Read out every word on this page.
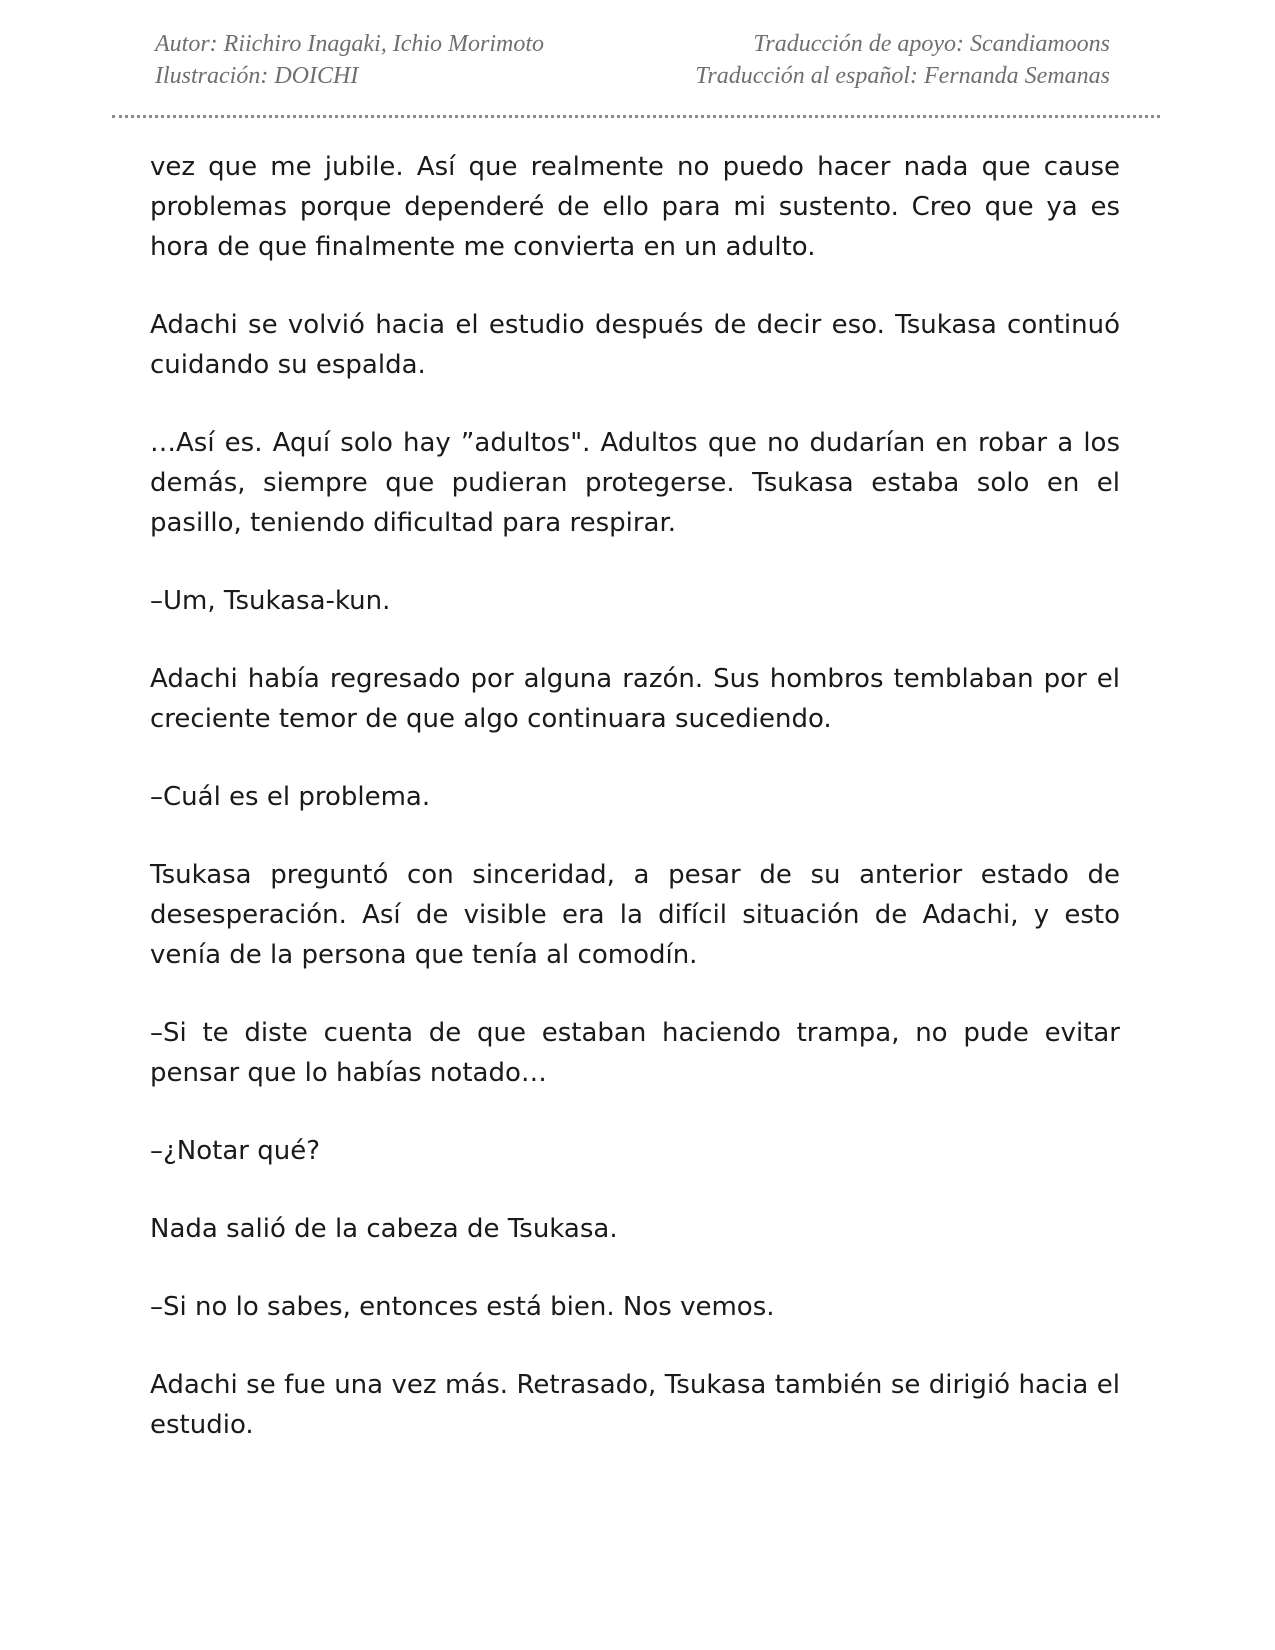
Autor: Riichiro Inagaki, Ichio Morimoto	Traducción de apoyo: Scandiamoons
Ilustración: DOICHI	Traducción al español: Fernanda Semanas

vez que me jubile. Así que realmente no puedo hacer nada que cause problemas porque dependeré de ello para mi sustento. Creo que ya es hora de que finalmente me convierta en un adulto.

Adachi se volvió hacia el estudio después de decir eso. Tsukasa continuó cuidando su espalda.

…Así es. Aquí solo hay ”adultos". Adultos que no dudarían en robar a los demás, siempre que pudieran protegerse. Tsukasa estaba solo en el pasillo, teniendo dificultad para respirar.

–Um, Tsukasa-kun.

Adachi había regresado por alguna razón. Sus hombros temblaban por el creciente temor de que algo continuara sucediendo.

–Cuál es el problema.

Tsukasa preguntó con sinceridad, a pesar de su anterior estado de desesperación. Así de visible era la difícil situación de Adachi, y esto venía de la persona que tenía al comodín.

–Si te diste cuenta de que estaban haciendo trampa, no pude evitar pensar que lo habías notado…

–¿Notar qué?

Nada salió de la cabeza de Tsukasa.

–Si no lo sabes, entonces está bien. Nos vemos.

Adachi se fue una vez más. Retrasado, Tsukasa también se dirigió hacia el estudio.
